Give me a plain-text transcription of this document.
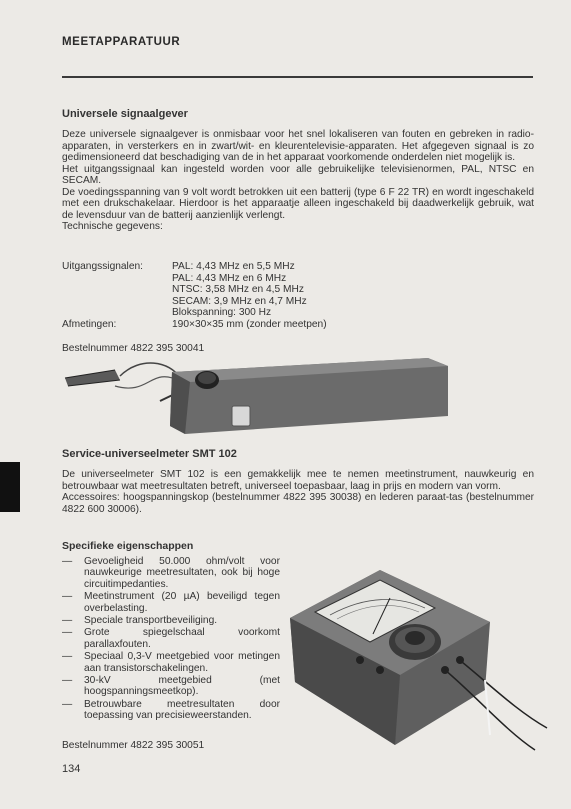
MEETAPPARATUUR
Universele signaalgever

Deze universele signaalgever is onmisbaar voor het snel lokaliseren van fouten en gebreken in radio-apparaten, in versterkers en in zwart/wit- en kleurentelevisie-apparaten. Het afgegeven signaal is zo gedimensioneerd dat beschadiging van de in het apparaat voorkomende onderdelen niet mogelijk is.

Het uitgangssignaal kan ingesteld worden voor alle gebruikelijke televisienormen, PAL, NTSC en SECAM.

De voedingsspanning van 9 volt wordt betrokken uit een batterij (type 6 F 22 TR) en wordt ingeschakeld met een drukschakelaar. Hierdoor is het apparaatje alleen ingeschakeld bij daadwerkelijk gebruik, wat de levensduur van de batterij aanzienlijk verlengt.

Technische gegevens:

Uitgangssignalen:	PAL: 4,43 MHz en 5,5 MHz
PAL: 4,43 MHz en 6 MHz
NTSC: 3,58 MHz en 4,5 MHz
SECAM: 3,9 MHz en 4,7 MHz
Blokspanning: 300 Hz
Afmetingen:	190×30×35 mm (zonder meetpen)
Bestelnummer 4822 395 30041
Service-universeelmeter SMT 102

De universeelmeter SMT 102 is een gemakkelijk mee te nemen meetinstrument, nauwkeurig en betrouwbaar wat meetresultaten betreft, universeel toepasbaar, laag in prijs en modern van vorm.

Accessoires: hoogspanningskop (bestelnummer 4822 395 30038) en lederen paraat-tas (bestelnummer 4822 600 30006).

Specifieke eigenschappen
— Gevoeligheid 50.000 ohm/volt voor nauwkeurige meetresultaten, ook bij hoge circuitimpedanties.
— Meetinstrument (20 µA) beveiligd tegen overbelasting.
— Speciale transportbeveiliging.
— Grote spiegelschaal voorkomt parallaxfouten.
— Speciaal 0,3-V meetgebied voor metingen aan transistorschakelingen.
— 30-kV meetgebied (met hoogspanningsmeetkop).
— Betrouwbare meetresultaten door toepassing van precisieweerstanden.
Bestelnummer 4822 395 30051
134
